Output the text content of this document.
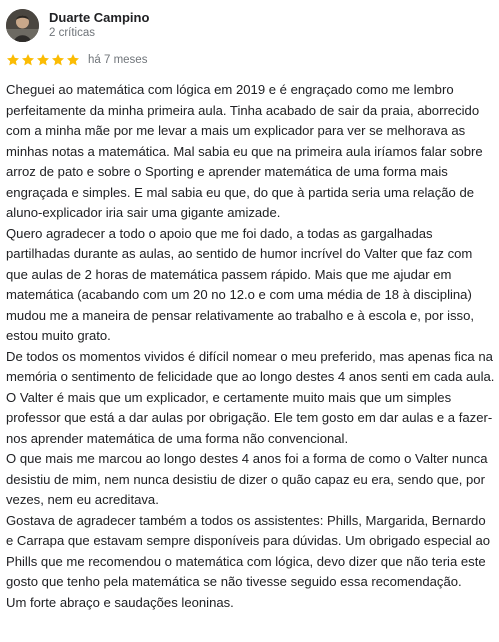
Duarte Campino
2 críticas
há 7 meses

Cheguei ao matemática com lógica em 2019 e é engraçado como me lembro perfeitamente da minha primeira aula. Tinha acabado de sair da praia, aborrecido com a minha mãe por me levar a mais um explicador para ver se melhorava as minhas notas a matemática. Mal sabia eu que na primeira aula iríamos falar sobre arroz de pato e sobre o Sporting e aprender matemática de uma forma mais engraçada e simples. E mal sabia eu que, do que à partida seria uma relação de aluno-explicador iria sair uma gigante amizade.

Quero agradecer a todo o apoio que me foi dado, a todas as gargalhadas partilhadas durante as aulas, ao sentido de humor incrível do Valter que faz com que aulas de 2 horas de matemática passem rápido. Mais que me ajudar em matemática (acabando com um 20 no 12.o e com uma média de 18 à disciplina) mudou me a maneira de pensar relativamente ao trabalho e à escola e, por isso, estou muito grato.

De todos os momentos vividos é difícil nomear o meu preferido, mas apenas fica na memória o sentimento de felicidade que ao longo destes 4 anos senti em cada aula.

O Valter é mais que um explicador, e certamente muito mais que um simples professor que está a dar aulas por obrigação. Ele tem gosto em dar aulas e a fazer-nos aprender matemática de uma forma não convencional.

O que mais me marcou ao longo destes 4 anos foi a forma de como o Valter nunca desistiu de mim, nem nunca desistiu de dizer o quão capaz eu era, sendo que, por vezes, nem eu acreditava.

Gostava de agradecer também a todos os assistentes: Phills, Margarida, Bernardo e Carrapa que estavam sempre disponíveis para dúvidas. Um obrigado especial ao Phills que me recomendou o matemática com lógica, devo dizer que não teria este gosto que tenho pela matemática se não tivesse seguido essa recomendação.

Um forte abraço e saudações leoninas.
